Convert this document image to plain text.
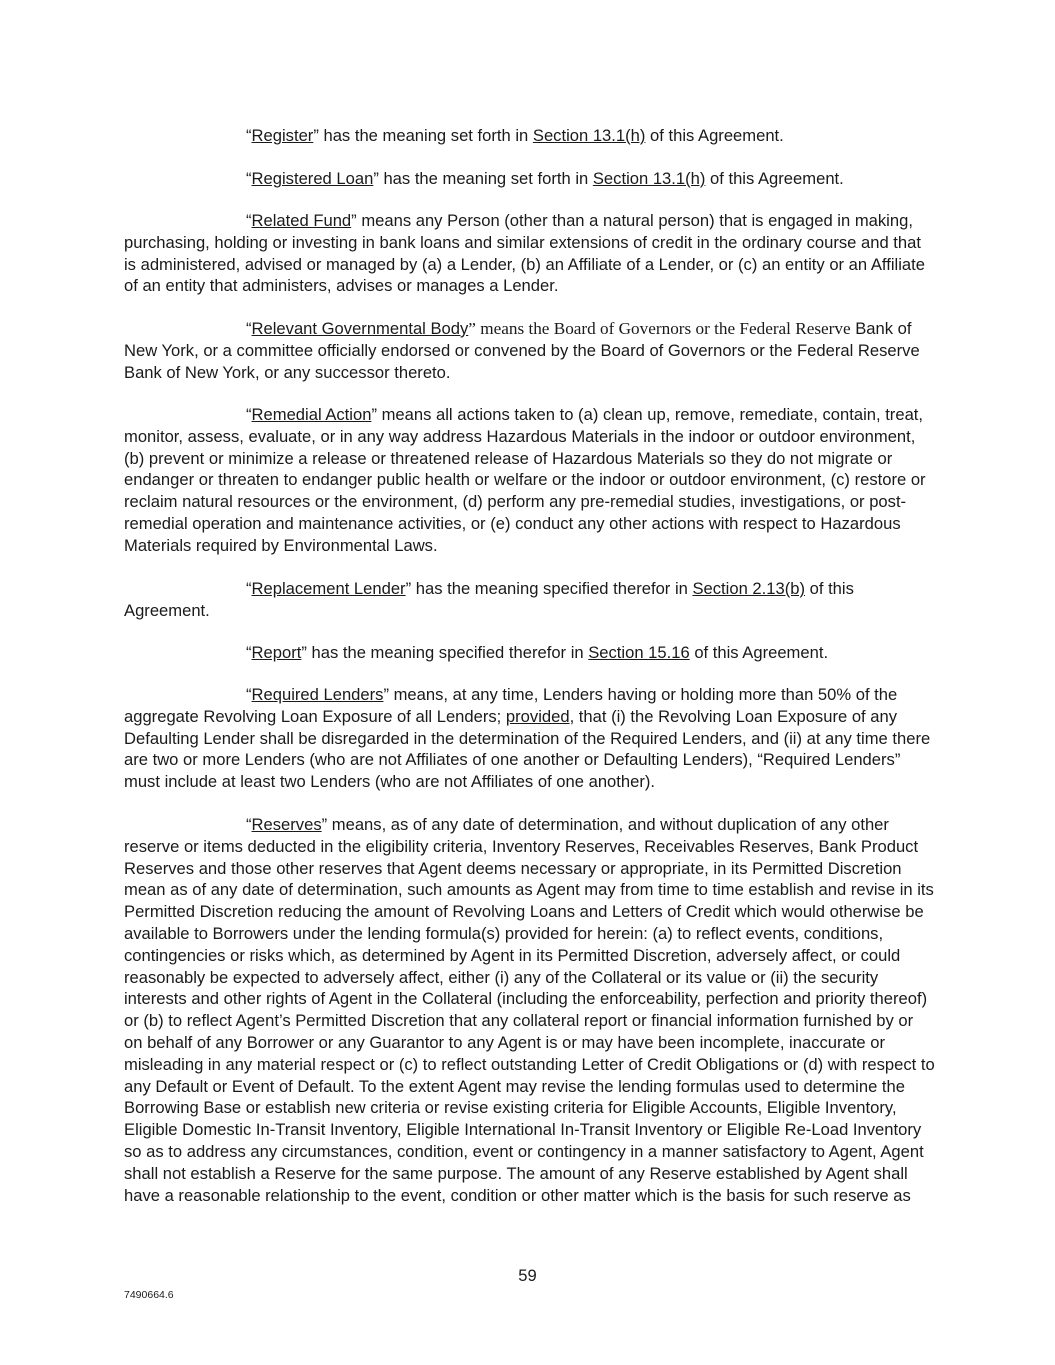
“Register” has the meaning set forth in Section 13.1(h) of this Agreement.

“Registered Loan” has the meaning set forth in Section 13.1(h) of this Agreement.

“Related Fund” means any Person (other than a natural person) that is engaged in making, purchasing, holding or investing in bank loans and similar extensions of credit in the ordinary course and that is administered, advised or managed by (a) a Lender, (b) an Affiliate of a Lender, or (c) an entity or an Affiliate of an entity that administers, advises or manages a Lender.

“Relevant Governmental Body” means the Board of Governors or the Federal Reserve Bank of New York, or a committee officially endorsed or convened by the Board of Governors or the Federal Reserve Bank of New York, or any successor thereto.

“Remedial Action” means all actions taken to (a) clean up, remove, remediate, contain, treat, monitor, assess, evaluate, or in any way address Hazardous Materials in the indoor or outdoor environment, (b) prevent or minimize a release or threatened release of Hazardous Materials so they do not migrate or endanger or threaten to endanger public health or welfare or the indoor or outdoor environment, (c) restore or reclaim natural resources or the environment, (d) perform any pre-remedial studies, investigations, or post-remedial operation and maintenance activities, or (e) conduct any other actions with respect to Hazardous Materials required by Environmental Laws.

“Replacement Lender” has the meaning specified therefor in Section 2.13(b) of this
Agreement.

“Report” has the meaning specified therefor in Section 15.16 of this Agreement.

“Required Lenders” means, at any time, Lenders having or holding more than 50% of the aggregate Revolving Loan Exposure of all Lenders; provided, that (i) the Revolving Loan Exposure of any Defaulting Lender shall be disregarded in the determination of the Required Lenders, and (ii) at any time there are two or more Lenders (who are not Affiliates of one another or Defaulting Lenders), “Required Lenders” must include at least two Lenders (who are not Affiliates of one another).

“Reserves” means, as of any date of determination, and without duplication of any other reserve or items deducted in the eligibility criteria, Inventory Reserves, Receivables Reserves, Bank Product Reserves and those other reserves that Agent deems necessary or appropriate, in its Permitted Discretion mean as of any date of determination, such amounts as Agent may from time to time establish and revise in its Permitted Discretion reducing the amount of Revolving Loans and Letters of Credit which would otherwise be available to Borrowers under the lending formula(s) provided for herein: (a) to reflect events, conditions, contingencies or risks which, as determined by Agent in its Permitted Discretion, adversely affect, or could reasonably be expected to adversely affect, either (i) any of the Collateral or its value or (ii) the security interests and other rights of Agent in the Collateral (including the enforceability, perfection and priority thereof) or (b) to reflect Agent’s Permitted Discretion that any collateral report or financial information furnished by or on behalf of any Borrower or any Guarantor to any Agent is or may have been incomplete, inaccurate or misleading in any material respect or (c) to reflect outstanding Letter of Credit Obligations or (d) with respect to any Default or Event of Default. To the extent Agent may revise the lending formulas used to determine the Borrowing Base or establish new criteria or revise existing criteria for Eligible Accounts, Eligible Inventory, Eligible Domestic In-Transit Inventory, Eligible International In-Transit Inventory or Eligible Re-Load Inventory so as to address any circumstances, condition, event or contingency in a manner satisfactory to Agent, Agent shall not establish a Reserve for the same purpose. The amount of any Reserve established by Agent shall have a reasonable relationship to the event, condition or other matter which is the basis for such reserve as

59
7490664.6
